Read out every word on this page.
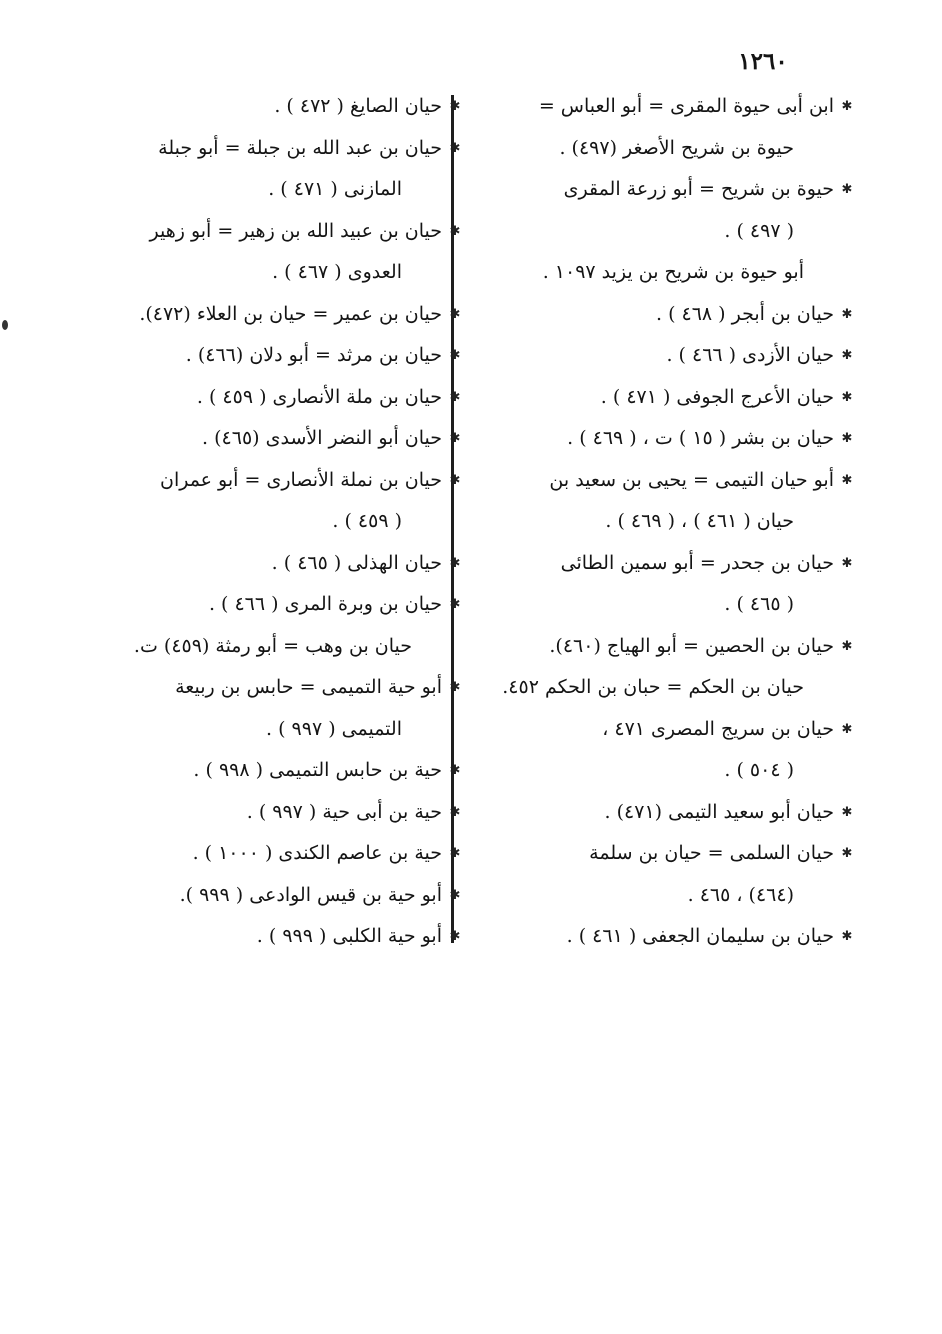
١٢٦٠
✱
ابن أبى حيوة المقرى = أبو العباس =
حيوة بن شريح الأصغر (٤٩٧) .
✱
حيوة بن شريح = أبو زرعة المقرى
( ٤٩٧ ) .
أبو حيوة بن شريح بن يزيد ١٠٩٧ .
✱
حيان بن أبجر ( ٤٦٨ ) .
✱
حيان الأزدى ( ٤٦٦ ) .
✱
حيان الأعرج الجوفى ( ٤٧١ ) .
✱
حيان بن بشر ( ١٥ ) ت ، ( ٤٦٩ ) .
✱
أبو حيان التيمى = يحيى بن سعيد بن
حيان ( ٤٦١ ) ، ( ٤٦٩ ) .
✱
حيان بن جحدر = أبو سمين الطائى
( ٤٦٥ ) .
✱
حيان بن الحصين = أبو الهياج (٤٦٠).
حيان بن الحكم = حبان بن الحكم ٤٥٢.
✱
حيان بن سريج المصرى ٤٧١ ،
( ٥٠٤ ) .
✱
حيان أبو سعيد التيمى (٤٧١) .
✱
حيان السلمى = حيان بن سلمة
(٤٦٤) ، ٤٦٥ .
✱
حيان بن سليمان الجعفى ( ٤٦١ ) .
✱
حيان الصايغ ( ٤٧٢ ) .
✱
حيان بن عبد الله بن جبلة = أبو جبلة
المازنى ( ٤٧١ ) .
✱
حيان بن عبيد الله بن زهير = أبو زهير
العدوى ( ٤٦٧ ) .
✱
حيان بن عمير = حيان بن العلاء (٤٧٢).
✱
حيان بن مرثد = أبو دلان (٤٦٦) .
✱
حيان بن ملة الأنصارى ( ٤٥٩ ) .
✱
حيان أبو النضر الأسدى (٤٦٥) .
✱
حيان بن نملة الأنصارى = أبو عمران
( ٤٥٩ ) .
✱
حيان الهذلى ( ٤٦٥ ) .
✱
حيان بن وبرة المرى ( ٤٦٦ ) .
حيان بن وهب = أبو رمثة (٤٥٩) ت.
✱
أبو حية التميمى = حابس بن ربيعة
التميمى ( ٩٩٧ ) .
✱
حية بن حابس التميمى ( ٩٩٨ ) .
✱
حية بن أبى حية ( ٩٩٧ ) .
✱
حية بن عاصم الكندى ( ١٠٠٠ ) .
✱
أبو حية بن قيس الوادعى ( ٩٩٩ ).
✱
أبو حية الكلبى ( ٩٩٩ ) .
